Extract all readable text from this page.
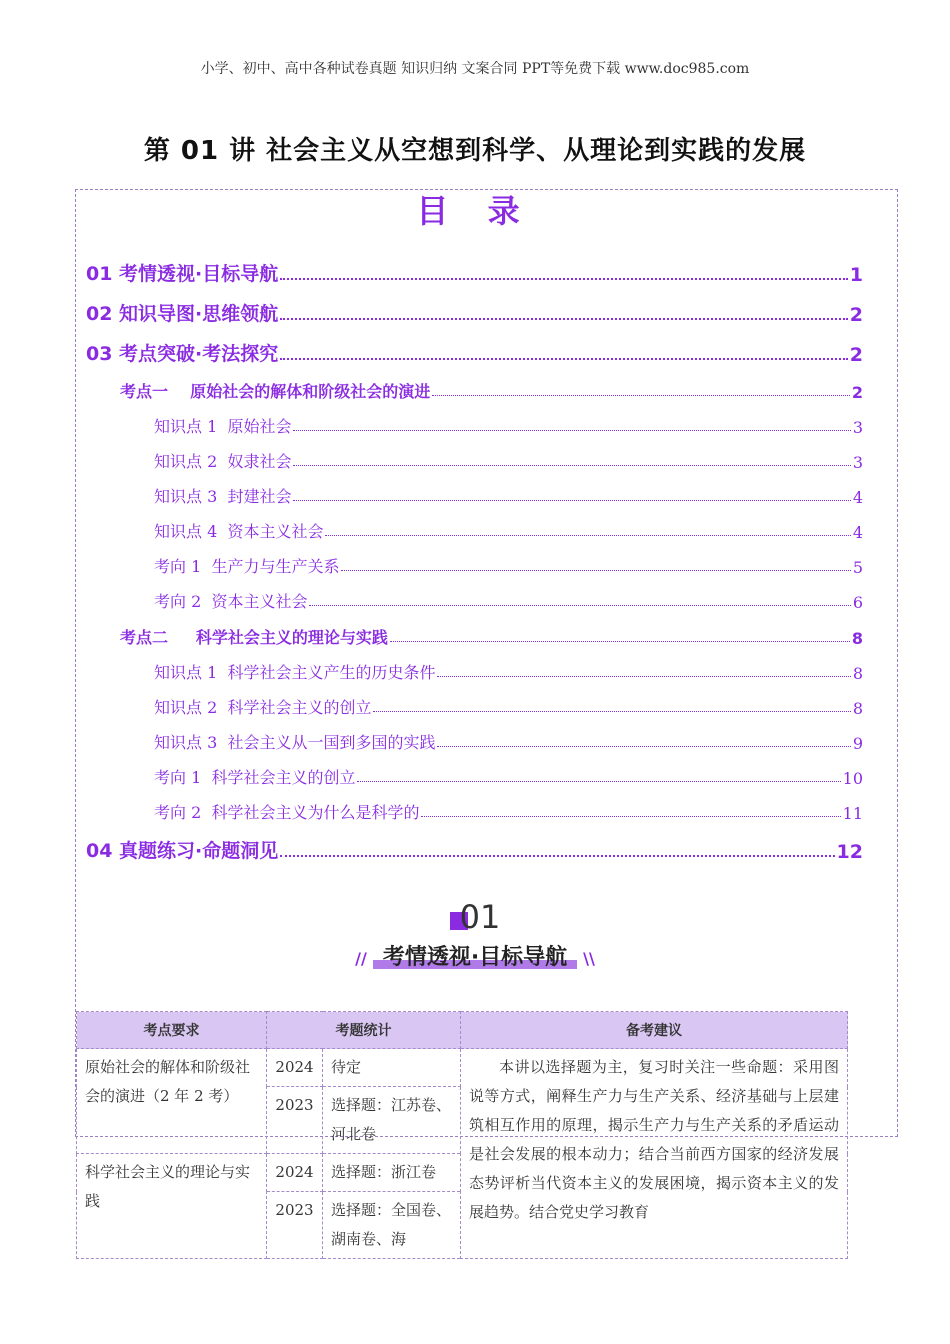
小学、初中、高中各种试卷真题 知识归纳 文案合同 PPT等免费下载 www.doc985.com
第 01 讲 社会主义从空想到科学、从理论到实践的发展
目 录
01 考情透视·目标导航	1
02 知识导图·思维领航	2
03 考点突破·考法探究	2
考点一    原始社会的解体和阶级社会的演进	2
知识点 1  原始社会	3
知识点 2  奴隶社会	3
知识点 3  封建社会	4
知识点 4  资本主义社会	4
考向 1  生产力与生产关系	5
考向 2  资本主义社会	6
考点二     科学社会主义的理论与实践	8
知识点 1  科学社会主义产生的历史条件	8
知识点 2  科学社会主义的创立	8
知识点 3  社会主义从一国到多国的实践	9
考向 1  科学社会主义的创立	10
考向 2  科学社会主义为什么是科学的	11
04 真题练习·命题洞见	12
01
// 考情透视·目标导航 \\
考点要求	考题统计		备考建议
原始社会的解体和阶级社会的演进（2 年 2 考）	2024	待定	本讲以选择题为主，复习时关注一些命题：采用图说等方式，阐释生产力与生产关系、经济基础与上层建筑相互作用的原理，揭示生产力与生产关系的矛盾运动是社会发展的根本动力；结合当前西方国家的经济发展态势评析当代资本主义的发展困境，揭示资本主义的发展趋势。结合党史学习教育
	2023	选择题：江苏卷、河北卷	
科学社会主义的理论与实践	2024	选择题：浙江卷	
	2023	选择题：全国卷、湖南卷、海	
